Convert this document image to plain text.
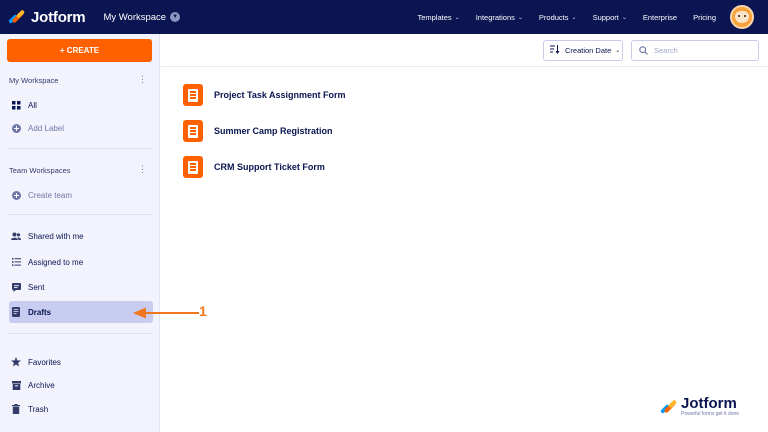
Jotform My Workspace	▼	Templates ⌄ Integrations ⌄ Products ⌄ Support ⌄ Enterprise Pricing
+ CREATE
My Workspace	⋮
All
Add Label
Team Workspaces	⋮
Create team
Shared with me
Assigned to me
Sent
Drafts
Favorites
Archive
Trash
Creation Date ⌄
Search
Project Task Assignment Form
Summer Camp Registration
CRM Support Ticket Form
1
Jotform
Powerful forms get it done
